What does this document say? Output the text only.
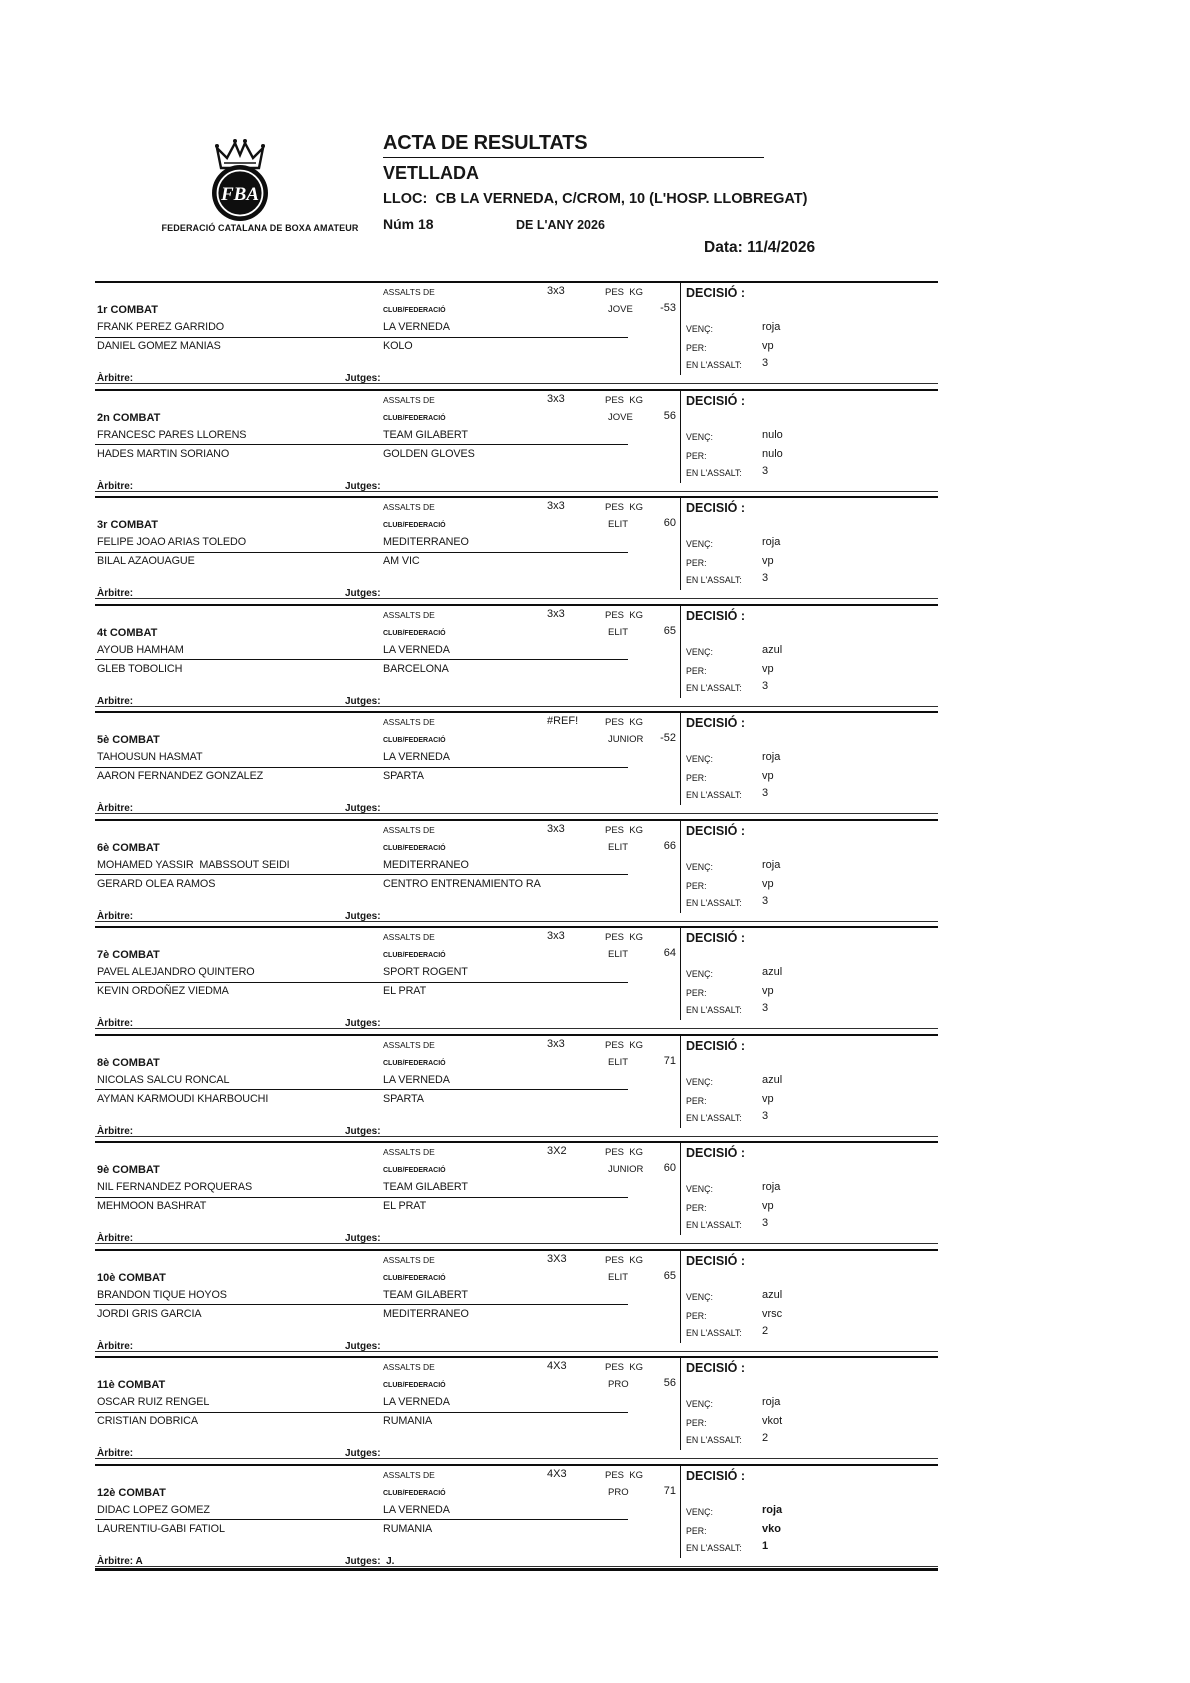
FBA
FEDERACIÓ CATALANA DE BOXA AMATEUR
ACTA DE RESULTATS
VETLLADA
LLOC:  CB LA VERNEDA, C/CROM, 10 (L'HOSP. LLOBREGAT)
Núm 18	DE L'ANY 2026
Data: 11/4/2026
ASSALTS DE	3x3	PES  KG
1r COMBAT	CLUB/FEDERACIÓ	JOVE	-53
FRANK PEREZ GARRIDO	LA VERNEDA
DANIEL GOMEZ MANIAS	KOLO
DECISIÓ :
VENÇ:	roja
PER:	vp
EN L'ASSALT: 3
Àrbitre:	Jutges:
ASSALTS DE	3x3	PES  KG
2n COMBAT	CLUB/FEDERACIÓ	JOVE	56
FRANCESC PARES LLORENS	TEAM GILABERT
HADES MARTIN SORIANO	GOLDEN GLOVES
DECISIÓ :
VENÇ:	nulo
PER:	nulo
EN L'ASSALT: 3
Àrbitre:	Jutges:
ASSALTS DE	3x3	PES  KG
3r COMBAT	CLUB/FEDERACIÓ	ELIT	60
FELIPE JOAO ARIAS TOLEDO	MEDITERRANEO
BILAL AZAOUAGUE	AM VIC
DECISIÓ :
VENÇ:	roja
PER:	vp
EN L'ASSALT: 3
Àrbitre:	Jutges:
ASSALTS DE	3x3	PES  KG
4t COMBAT	CLUB/FEDERACIÓ	ELIT	65
AYOUB HAMHAM	LA VERNEDA
GLEB TOBOLICH	BARCELONA
DECISIÓ :
VENÇ:	azul
PER:	vp
EN L'ASSALT: 3
Arbitre:	Jutges:
ASSALTS DE	#REF!	PES  KG
5è COMBAT	CLUB/FEDERACIÓ	JUNIOR	-52
TAHOUSUN HASMAT	LA VERNEDA
AARON FERNANDEZ GONZALEZ	SPARTA
DECISIÓ :
VENÇ:	roja
PER:	vp
EN L'ASSALT: 3
Àrbitre:	Jutges:
ASSALTS DE	3x3	PES  KG
6è COMBAT	CLUB/FEDERACIÓ	ELIT	66
MOHAMED YASSIR  MABSSOUT SEIDI	MEDITERRANEO
GERARD OLEA RAMOS	CENTRO ENTRENAMIENTO RA
DECISIÓ :
VENÇ:	roja
PER:	vp
EN L'ASSALT: 3
Àrbitre:	Jutges:
ASSALTS DE	3x3	PES  KG
7è COMBAT	CLUB/FEDERACIÓ	ELIT	64
PAVEL ALEJANDRO QUINTERO	SPORT ROGENT
KEVIN ORDOÑEZ VIEDMA	EL PRAT
DECISIÓ :
VENÇ:	azul
PER:	vp
EN L'ASSALT: 3
Àrbitre:	Jutges:
ASSALTS DE	3x3	PES  KG
8è COMBAT	CLUB/FEDERACIÓ	ELIT	71
NICOLAS SALCU RONCAL	LA VERNEDA
AYMAN KARMOUDI KHARBOUCHI	SPARTA
DECISIÓ :
VENÇ:	azul
PER:	vp
EN L'ASSALT: 3
Àrbitre:	Jutges:
ASSALTS DE	3X2	PES  KG
9è COMBAT	CLUB/FEDERACIÓ	JUNIOR	60
NIL FERNANDEZ PORQUERAS	TEAM GILABERT
MEHMOON BASHRAT	EL PRAT
DECISIÓ :
VENÇ:	roja
PER:	vp
EN L'ASSALT: 3
Àrbitre:	Jutges:
ASSALTS DE	3X3	PES  KG
10è COMBAT	CLUB/FEDERACIÓ	ELIT	65
BRANDON TIQUE HOYOS	TEAM GILABERT
JORDI GRIS GARCIA	MEDITERRANEO
DECISIÓ :
VENÇ:	azul
PER:	vrsc
EN L'ASSALT: 2
Àrbitre:	Jutges:
ASSALTS DE	4X3	PES  KG
11è COMBAT	CLUB/FEDERACIÓ	PRO	56
OSCAR RUIZ RENGEL	LA VERNEDA
CRISTIAN DOBRICA	RUMANIA
DECISIÓ :
VENÇ:	roja
PER:	vkot
EN L'ASSALT: 2
Àrbitre:	Jutges:
ASSALTS DE	4X3	PES  KG
12è COMBAT	CLUB/FEDERACIÓ	PRO	71
DIDAC LOPEZ GOMEZ	LA VERNEDA
LAURENTIU-GABI FATIOL	RUMANIA
DECISIÓ :
VENÇ:	roja
PER:	vko
EN L'ASSALT: 1
Àrbitre: A	Jutges:  J.
